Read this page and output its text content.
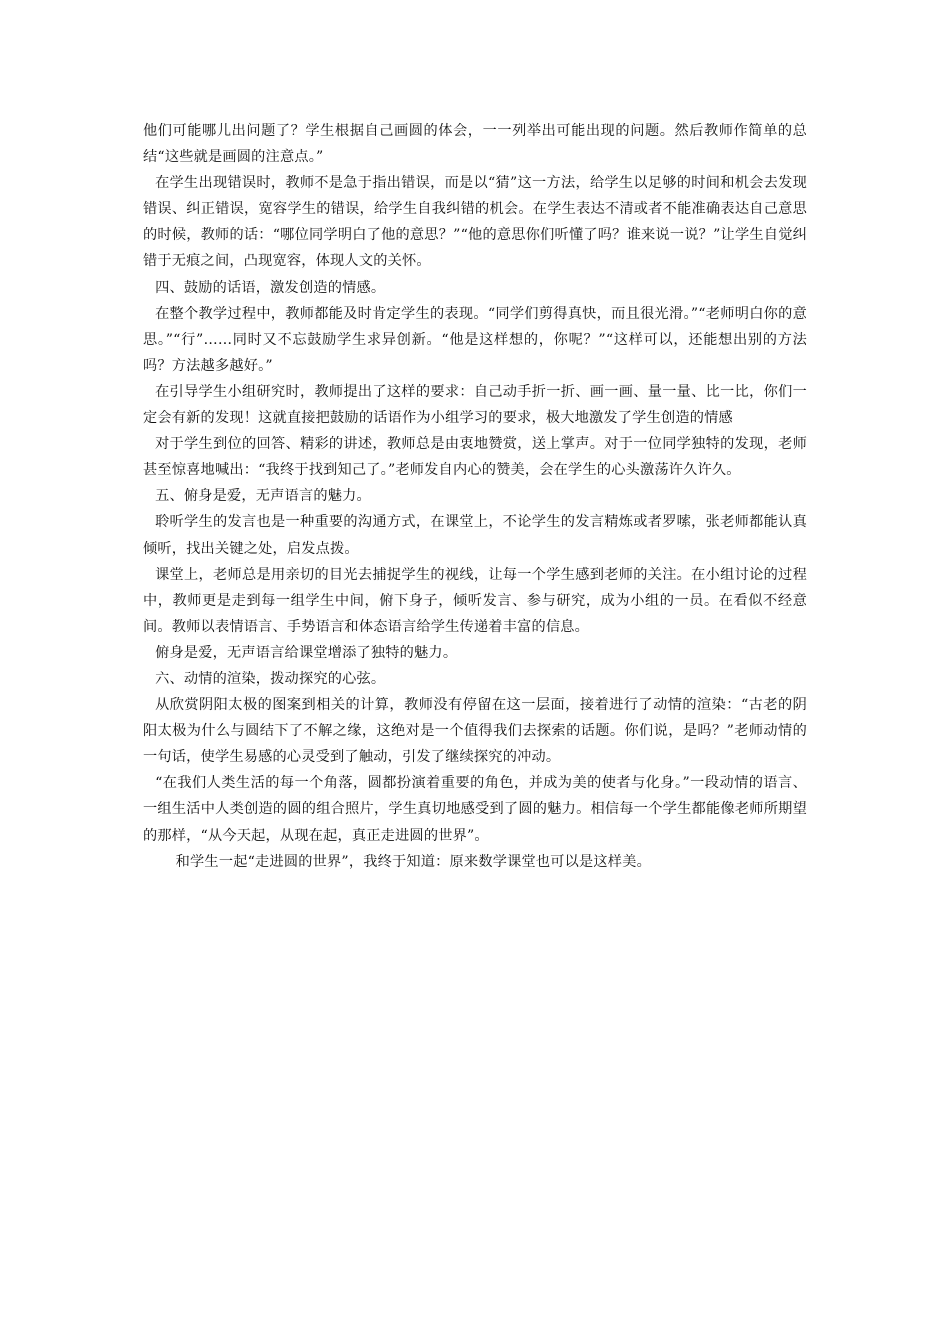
他们可能哪儿出问题了？学生根据自己画圆的体会，一一列举出可能出现的问题。然后教师作简单的总结“这些就是画圆的注意点。”

在学生出现错误时，教师不是急于指出错误，而是以“猜”这一方法，给学生以足够的时间和机会去发现错误、纠正错误，宽容学生的错误，给学生自我纠错的机会。在学生表达不清或者不能准确表达自己意思的时候，教师的话：“哪位同学明白了他的意思？”“他的意思你们听懂了吗？谁来说一说？”让学生自觉纠错于无痕之间，凸现宽容，体现人文的关怀。

四、鼓励的话语，激发创造的情感。

在整个教学过程中，教师都能及时肯定学生的表现。“同学们剪得真快，而且很光滑。”“老师明白你的意思。”“行”……同时又不忘鼓励学生求异创新。“他是这样想的，你呢？”“这样可以，还能想出别的方法吗？方法越多越好。”

在引导学生小组研究时，教师提出了这样的要求：自己动手折一折、画一画、量一量、比一比，你们一定会有新的发现！这就直接把鼓励的话语作为小组学习的要求，极大地激发了学生创造的情感

对于学生到位的回答、精彩的讲述，教师总是由衷地赞赏，送上掌声。对于一位同学独特的发现，老师甚至惊喜地喊出：“我终于找到知己了。”老师发自内心的赞美，会在学生的心头激荡许久许久。

五、俯身是爱，无声语言的魅力。

聆听学生的发言也是一种重要的沟通方式，在课堂上，不论学生的发言精炼或者罗嗦，张老师都能认真倾听，找出关键之处，启发点拨。

课堂上，老师总是用亲切的目光去捕捉学生的视线，让每一个学生感到老师的关注。在小组讨论的过程中，教师更是走到每一组学生中间，俯下身子，倾听发言、参与研究，成为小组的一员。在看似不经意间。教师以表情语言、手势语言和体态语言给学生传递着丰富的信息。

俯身是爱，无声语言给课堂增添了独特的魅力。

六、动情的渲染，拨动探究的心弦。

从欣赏阴阳太极的图案到相关的计算，教师没有停留在这一层面，接着进行了动情的渲染：“古老的阴阳太极为什么与圆结下了不解之缘，这绝对是一个值得我们去探索的话题。你们说，是吗？”老师动情的一句话，使学生易感的心灵受到了触动，引发了继续探究的冲动。

“在我们人类生活的每一个角落，圆都扮演着重要的角色，并成为美的使者与化身。”一段动情的语言、一组生活中人类创造的圆的组合照片，学生真切地感受到了圆的魅力。相信每一个学生都能像老师所期望的那样，“从今天起，从现在起，真正走进圆的世界”。

和学生一起“走进圆的世界”，我终于知道：原来数学课堂也可以是这样美。
